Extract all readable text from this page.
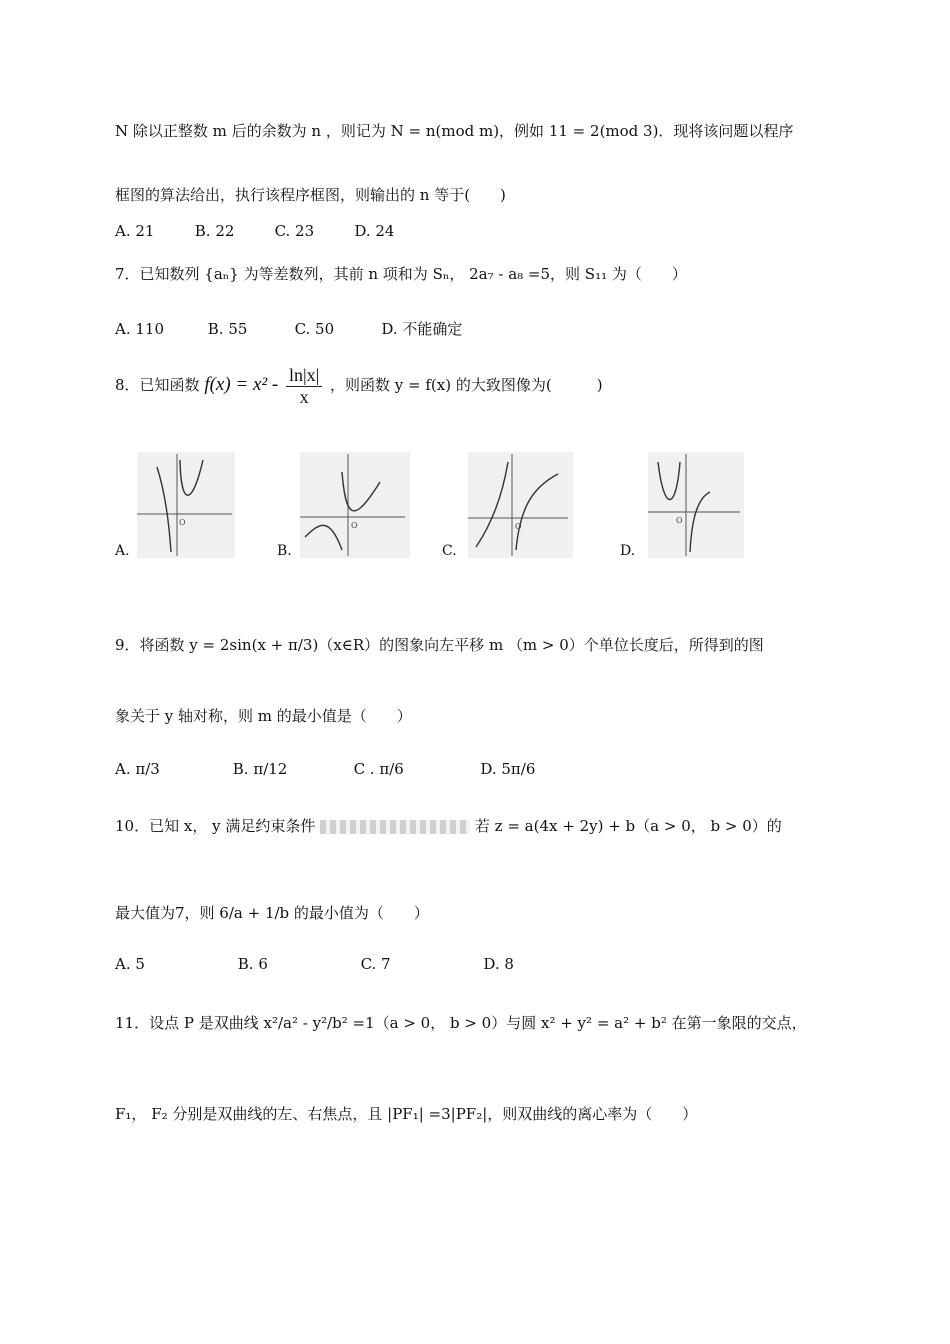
N 除以正整数 m 后的余数为 n ，则记为 N = n(mod m)，例如 11 = 2(mod 3)．现将该问题以程序
框图的算法给出，执行该程序框图，则输出的 n 等于(　　)
A. 21	B. 22	C. 23	D. 24
7．已知数列 {aₙ} 为等差数列，其前 n 项和为 Sₙ， 2a₇ - a₈ =5，则 S₁₁ 为（　　）
A. 110	B. 55	C. 50	D. 不能确定
8．已知函数 $f(x) = x^2 - \frac{\ln|x|}{x}$ ，则函数 y = f(x) 的大致图像为(　　　)
O	O	O
O
A.	B.	C.	D.
9．将函数 y = 2sin(x + π/3)（x∈R）的图象向左平移 m （m > 0）个单位长度后，所得到的图
象关于 y 轴对称，则 m 的最小值是（　　）
A. π/3	B. π/12	C . π/6	D. 5π/6
10．已知 x， y 满足约束条件	若 z = a(4x + 2y) + b（a > 0， b > 0）的
最大值为7，则 6/a + 1/b 的最小值为（　　）
A. 5	B. 6	C. 7	D. 8
11．设点 P 是双曲线 x²/a² - y²/b² =1（a > 0， b > 0）与圆 x² + y² = a² + b² 在第一象限的交点，
F₁， F₂ 分别是双曲线的左、右焦点，且 |PF₁| =3|PF₂|，则双曲线的离心率为（　　）
